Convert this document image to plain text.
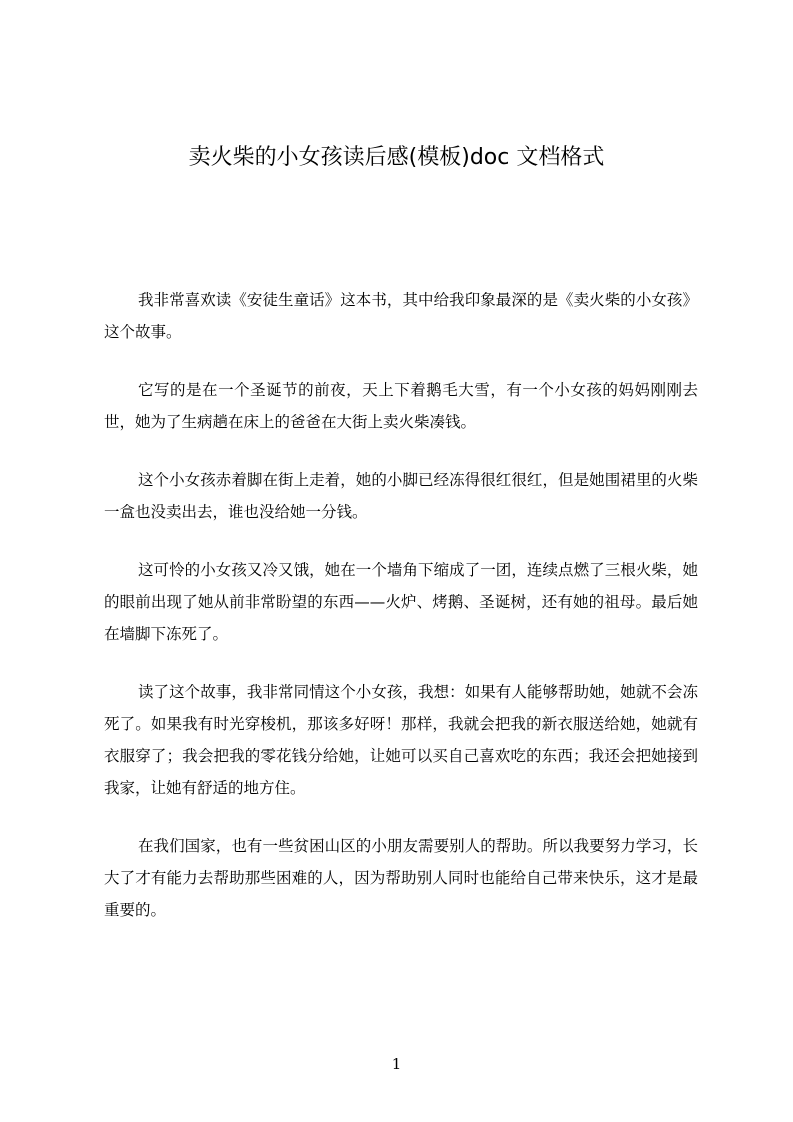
卖火柴的小女孩读后感(模板)doc 文档格式

我非常喜欢读《安徒生童话》这本书，其中给我印象最深的是《卖火柴的小女孩》这个故事。

它写的是在一个圣诞节的前夜，天上下着鹅毛大雪，有一个小女孩的妈妈刚刚去世，她为了生病趟在床上的爸爸在大街上卖火柴凑钱。

这个小女孩赤着脚在街上走着，她的小脚已经冻得很红很红，但是她围裙里的火柴一盒也没卖出去，谁也没给她一分钱。

这可怜的小女孩又冷又饿，她在一个墙角下缩成了一团，连续点燃了三根火柴，她的眼前出现了她从前非常盼望的东西——火炉、烤鹅、圣诞树，还有她的祖母。最后她在墙脚下冻死了。

读了这个故事，我非常同情这个小女孩，我想：如果有人能够帮助她，她就不会冻死了。如果我有时光穿梭机，那该多好呀！那样，我就会把我的新衣服送给她，她就有衣服穿了；我会把我的零花钱分给她，让她可以买自己喜欢吃的东西；我还会把她接到我家，让她有舒适的地方住。

在我们国家，也有一些贫困山区的小朋友需要别人的帮助。所以我要努力学习，长大了才有能力去帮助那些困难的人，因为帮助别人同时也能给自己带来快乐，这才是最重要的。

1
